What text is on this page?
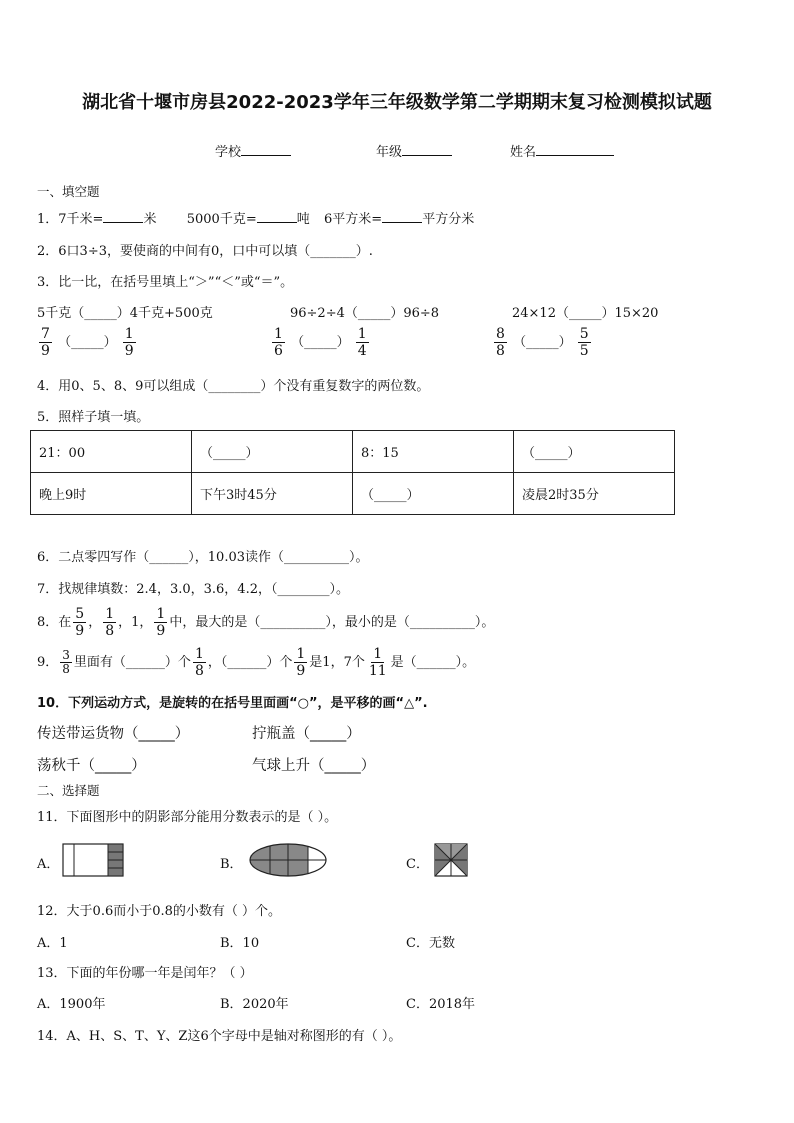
湖北省十堰市房县2022-2023学年三年级数学第二学期期末复习检测模拟试题
学校	年级	姓名
一、填空题
1．7千米=	米 5000千克=	吨 6平方米=	平方分米
2．6口3÷3，要使商的中间有0，口中可以填（_______）.
3．比一比，在括号里填上“＞”“＜”或“＝”。
5千克（_____）4千克+500克	96÷2÷4（_____）96÷8	24×12（_____）15×20
$\frac{7}{9}$ （_____） $\frac{1}{9}$	$\frac{1}{6}$ （_____） $\frac{1}{4}$	$\frac{8}{8}$ （_____） $\frac{5}{5}$
4．用0、5、8、9可以组成（________）个没有重复数字的两位数。
5．照样子填一填。
21：00	（_____）	8：15	（_____）
晚上9时	下午3时45分	（_____）	凌晨2时35分
6．二点零四写作（______），10.03读作（__________）。
7．找规律填数：2.4，3.0，3.6，4.2，（________）。
8．在 $\frac{5}{9}$ ， $\frac{1}{8}$ ，1， $\frac{1}{9}$ 中，最大的是（__________），最小的是（__________）。
9． $\frac{3}{8}$ 里面有（______）个 $\frac{1}{8}$ ，（______）个 $\frac{1}{9}$ 是1，7个 $\frac{1}{11}$ 是（______）。
10．下列运动方式，是旋转的在括号里面画“○”，是平移的画“△”.
传送带运货物（_____）	拧瓶盖（_____）
荡秋千（_____）	气球上升（_____）
二、选择题
11．下面图形中的阴影部分能用分数表示的是（ ）。
A．	B．	C．
12．大于0.6而小于0.8的小数有（ ）个。
A．1	B．10	C．无数
13．下面的年份哪一年是闰年？（ ）
A．1900年	B．2020年	C．2018年
14．A、H、S、T、Y、Z这6个字母中是轴对称图形的有（ ）。
